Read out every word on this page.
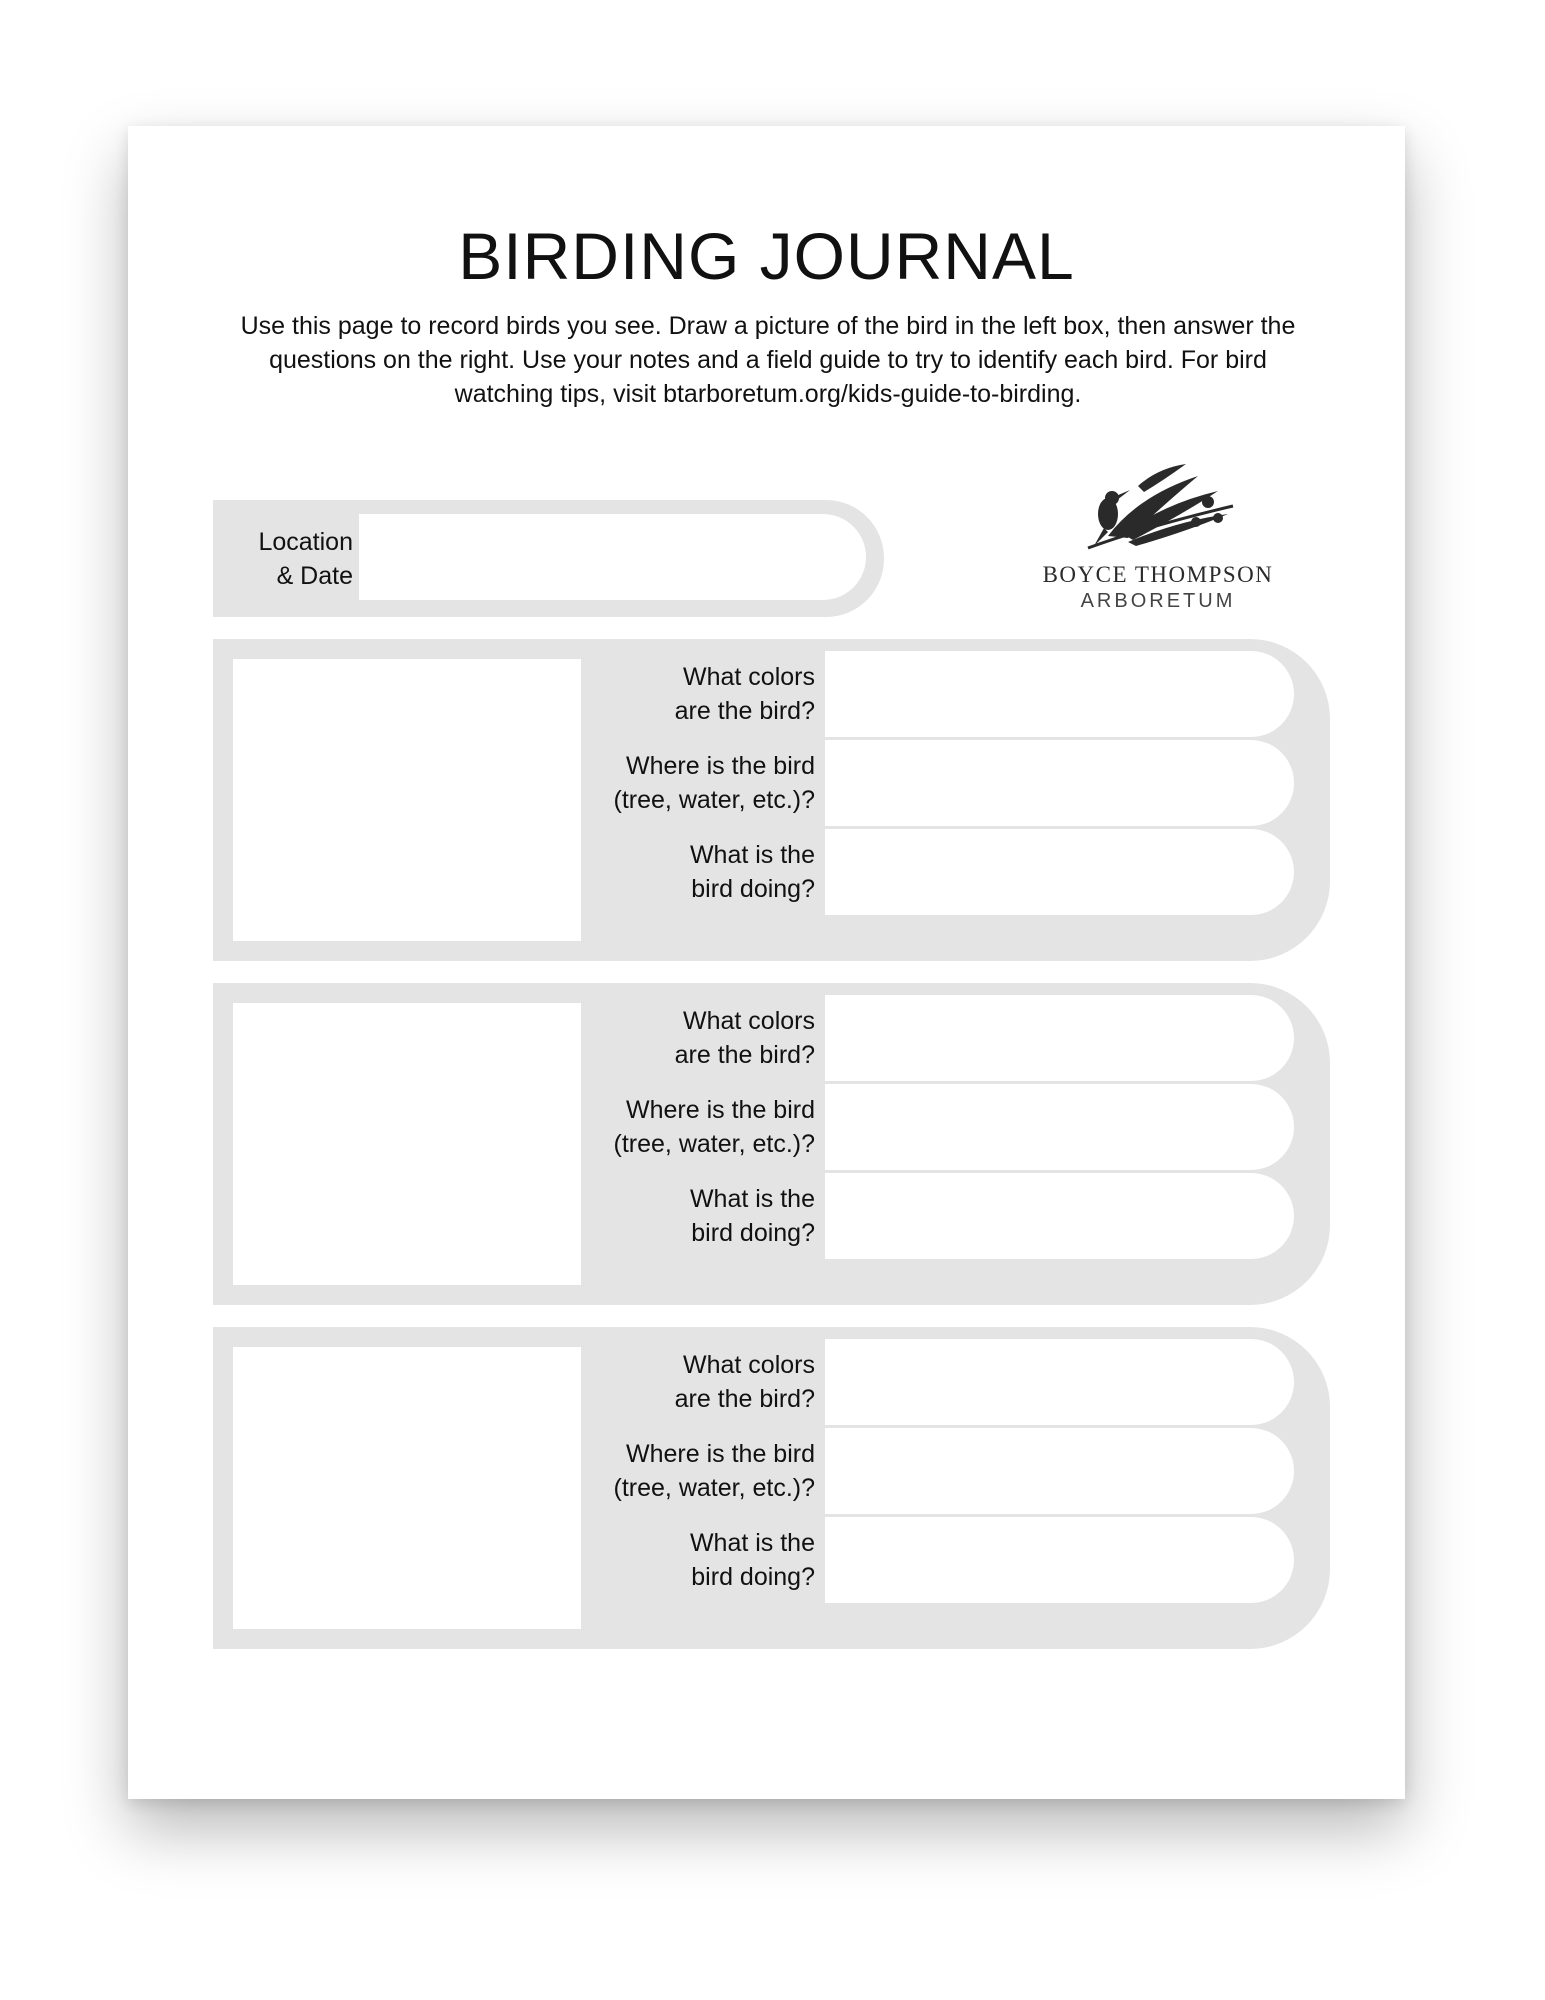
BIRDING JOURNAL

Use this page to record birds you see. Draw a picture of the bird in the left box, then answer the questions on the right. Use your notes and a field guide to try to identify each bird. For bird watching tips, visit btarboretum.org/kids-guide-to-birding.

Location
& Date	BOYCE THOMPSON
ARBORETUM
What colors
are the bird?
Where is the bird
(tree, water, etc.)?
What is the
bird doing?
What colors
are the bird?
Where is the bird
(tree, water, etc.)?
What is the
bird doing?
What colors
are the bird?
Where is the bird
(tree, water, etc.)?
What is the
bird doing?
